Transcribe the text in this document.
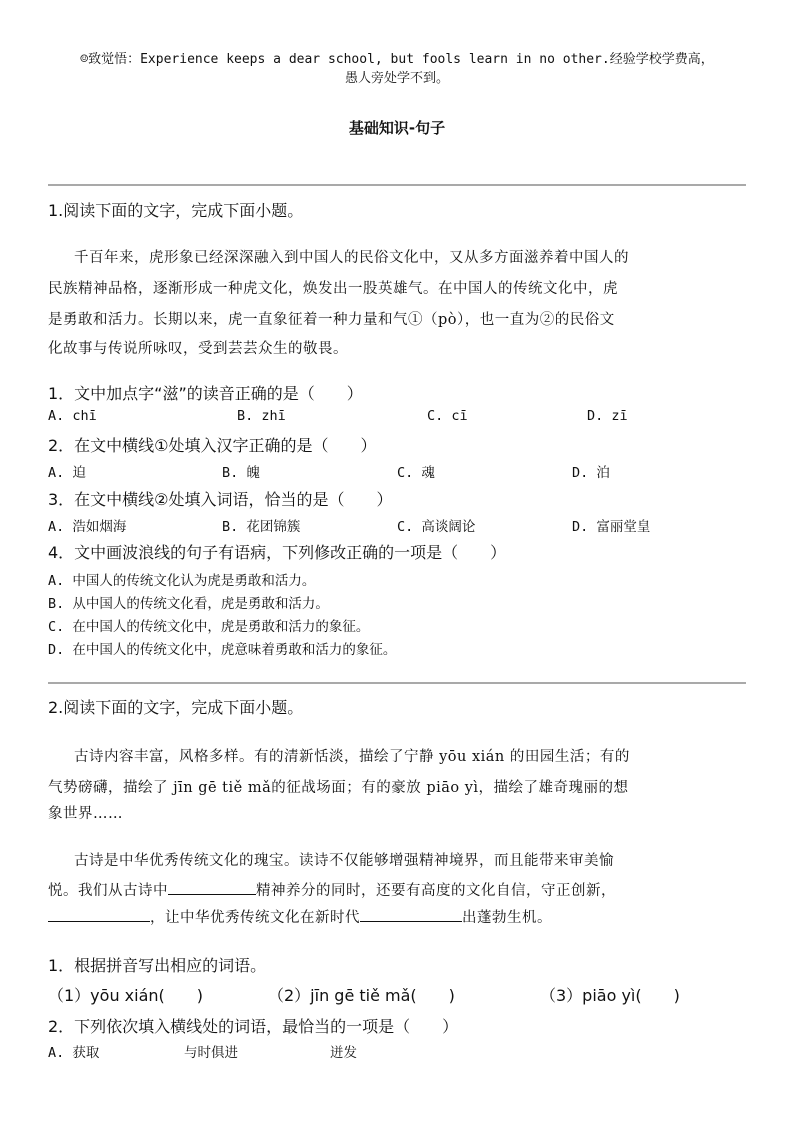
☺致觉悟：Experience keeps a dear school, but fools learn in no other.经验学校学费高，
愚人旁处学不到。
基础知识-句子
1.阅读下面的文字，完成下面小题。
千百年来，虎形象已经深深融入到中国人的民俗文化中，又从多方面滋养着中国人的
民族精神品格，逐渐形成一种虎文化，焕发出一股英雄气。在中国人的传统文化中，虎
是勇敢和活力。长期以来，虎一直象征着一种力量和气①（pò），也一直为②的民俗文
化故事与传说所咏叹，受到芸芸众生的敬畏。
1．文中加点字“滋”的读音正确的是（　　）
A. chī	B. zhī	C. cī	D. zī
2．在文中横线①处填入汉字正确的是（　　）
A. 迫	B. 魄	C. 魂	D. 泊
3．在文中横线②处填入词语，恰当的是（　　）
A. 浩如烟海	B. 花团锦簇	C. 高谈阔论	D. 富丽堂皇
4．文中画波浪线的句子有语病，下列修改正确的一项是（　　）
A. 中国人的传统文化认为虎是勇敢和活力。
B. 从中国人的传统文化看，虎是勇敢和活力。
C. 在中国人的传统文化中，虎是勇敢和活力的象征。
D. 在中国人的传统文化中，虎意味着勇敢和活力的象征。
2.阅读下面的文字，完成下面小题。
古诗内容丰富，风格多样。有的清新恬淡，描绘了宁静 yōu xián 的田园生活；有的
气势磅礴，描绘了 jīn gē tiě mǎ的征战场面；有的豪放 piāo yì，描绘了雄奇瑰丽的想
象世界……
古诗是中华优秀传统文化的瑰宝。读诗不仅能够增强精神境界，而且能带来审美愉
悦。我们从古诗中	精神养分的同时，还要有高度的文化自信，守正创新，
，让中华优秀传统文化在新时代	出蓬勃生机。
1．根据拼音写出相应的词语。
（1）yōu xián(　　)	（2）jīn gē tiě mǎ(　　)	（3）piāo yì(　　)
2．下列依次填入横线处的词语，最恰当的一项是（　　）
A. 获取	与时俱进	迸发
